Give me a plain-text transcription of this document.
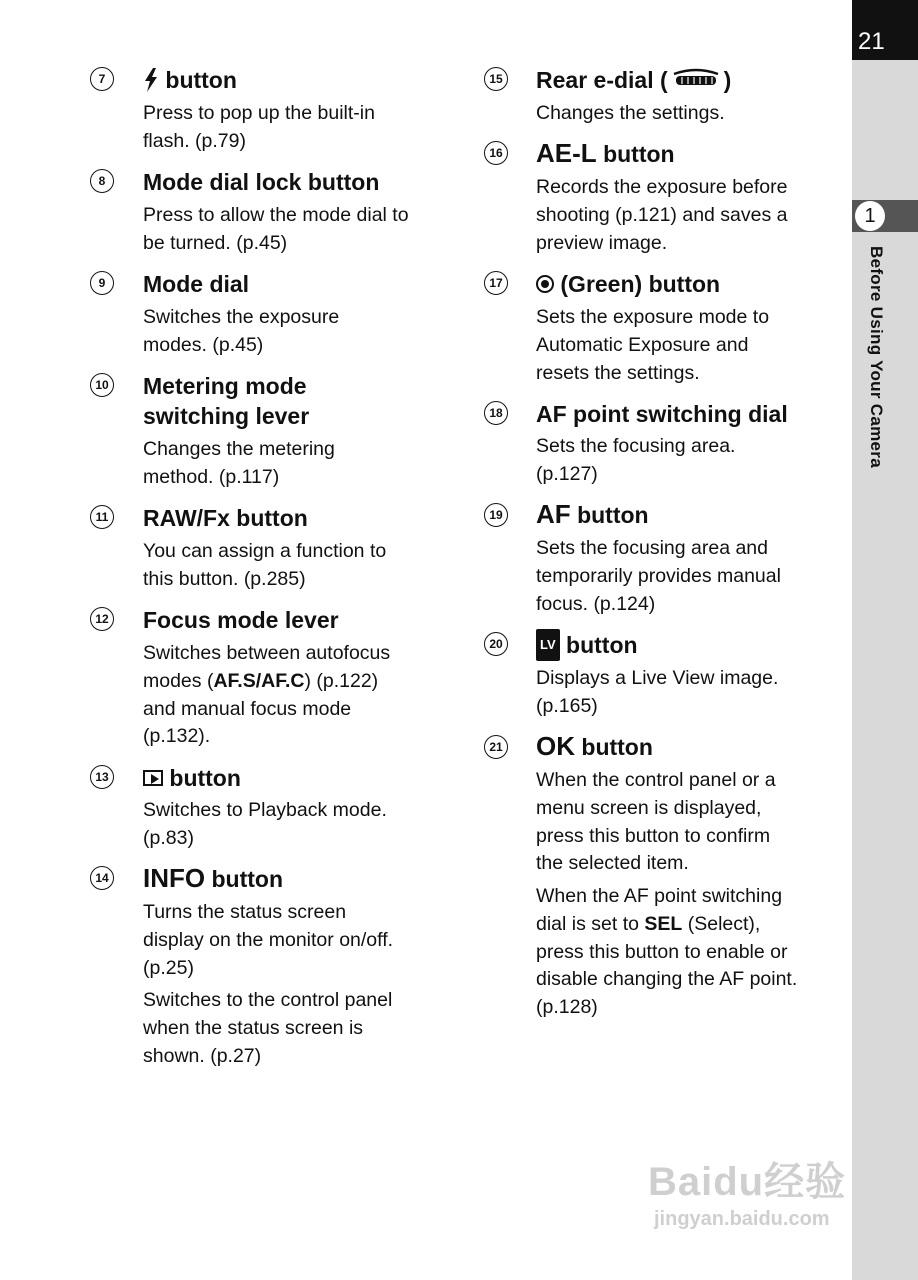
21
1
Before Using Your Camera
7	button
Press to pop up the built-in
flash. (p.79)
8	Mode dial lock button
Press to allow the mode dial to
be turned. (p.45)
9	Mode dial
Switches the exposure
modes. (p.45)
10 Metering mode
switching lever
Changes the metering
method. (p.117)
11 RAW/Fx button
You can assign a function to
this button. (p.285)
12 Focus mode lever
Switches between autofocus
modes (AF.S/AF.C) (p.122)
and manual focus mode
(p.132).
13	button
Switches to Playback mode.
(p.83)
14 INFO button
Turns the status screen
display on the monitor on/off.
(p.25)
Switches to the control panel
when the status screen is
shown. (p.27)
15 Rear e-dial ( )
Changes the settings.
16 AE-L button
Records the exposure before
shooting (p.121) and saves a
preview image.
17	(Green) button
Sets the exposure mode to
Automatic Exposure and
resets the settings.
18 AF point switching dial
Sets the focusing area.
(p.127)
19 AF button
Sets the focusing area and
temporarily provides manual
focus. (p.124)
20	LV button
Displays a Live View image.
(p.165)
21 OK button
When the control panel or a
menu screen is displayed,
press this button to confirm
the selected item.
When the AF point switching
dial is set to SEL (Select),
press this button to enable or
disable changing the AF point.
(p.128)
Baidu经验
jingyan.baidu.com
